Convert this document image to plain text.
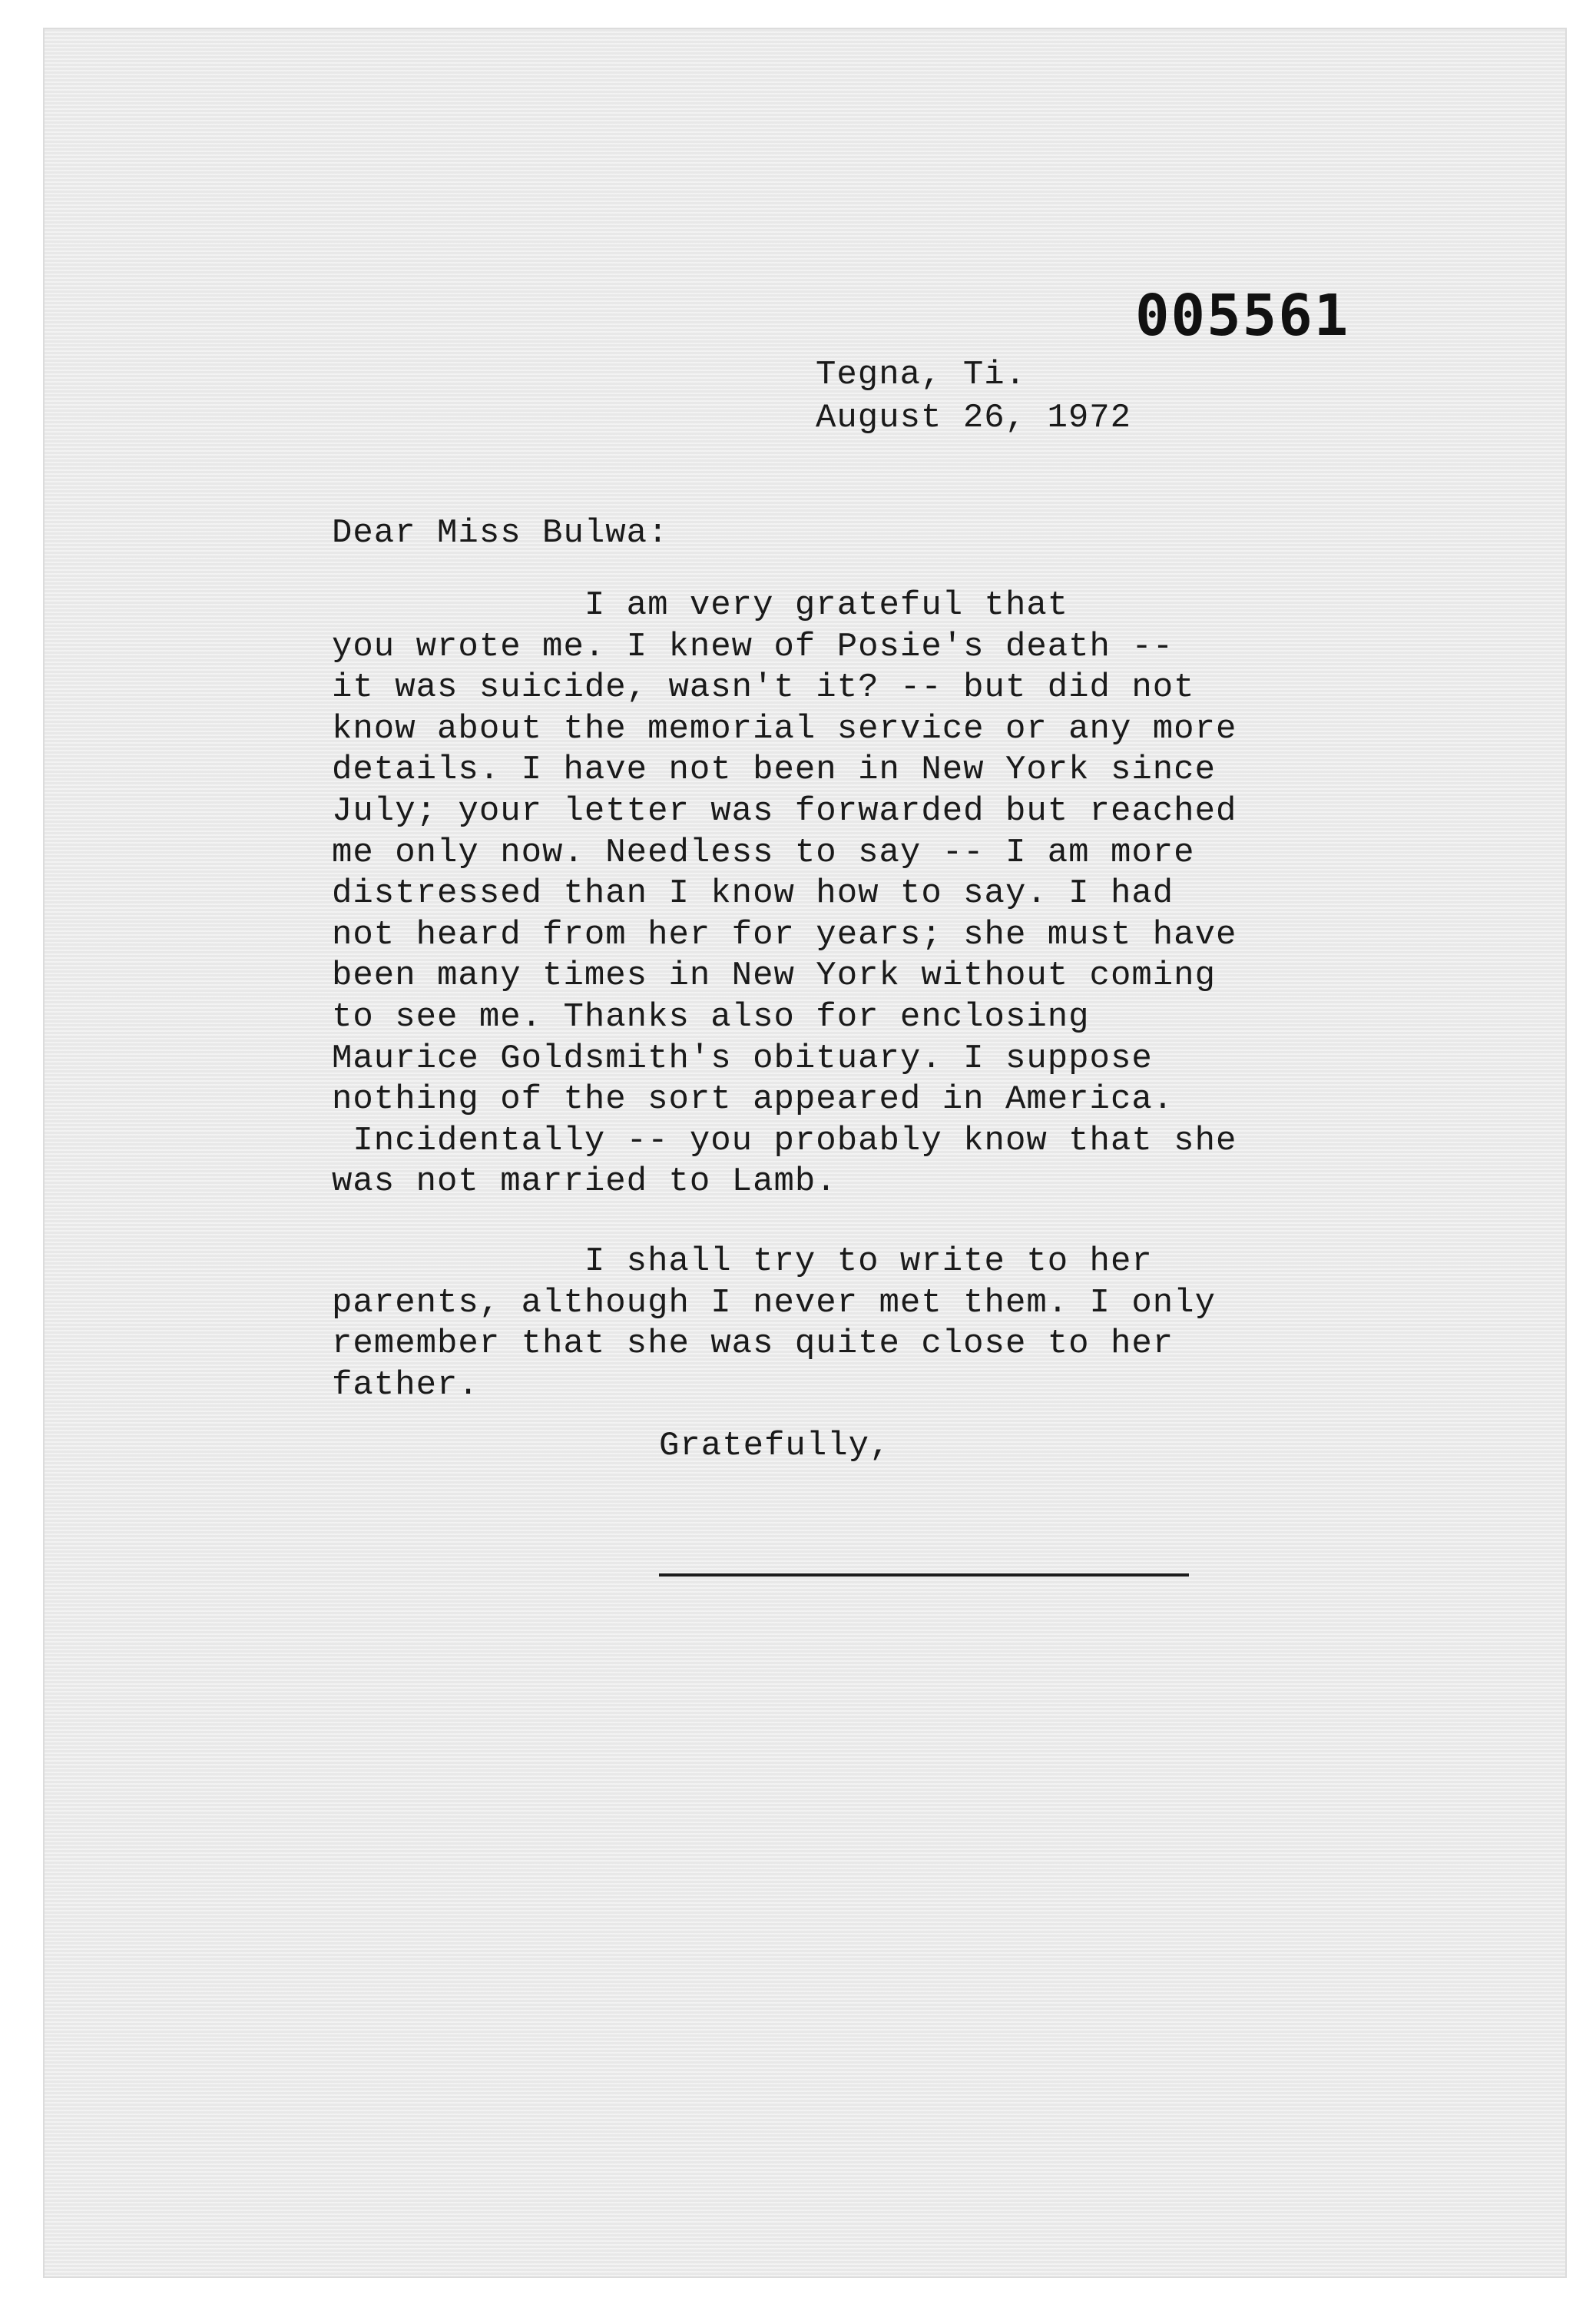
005561
Tegna, Ti.
August 26, 1972
Dear Miss Bulwa:
I am very grateful that
you wrote me. I knew of Posie's death --
it was suicide, wasn't it? -- but did not
know about the memorial service or any more
details. I have not been in New York since
July; your letter was forwarded but reached
me only now. Needless to say -- I am more
distressed than I know how to say. I had
not heard from her for years; she must have
been many times in New York without coming
to see me. Thanks also for enclosing
Maurice Goldsmith's obituary. I suppose
nothing of the sort appeared in America.
Incidentally -- you probably know that she
was not married to Lamb.
I shall try to write to her
parents, although I never met them. I only
remember that she was quite close to her
father.
Gratefully,
